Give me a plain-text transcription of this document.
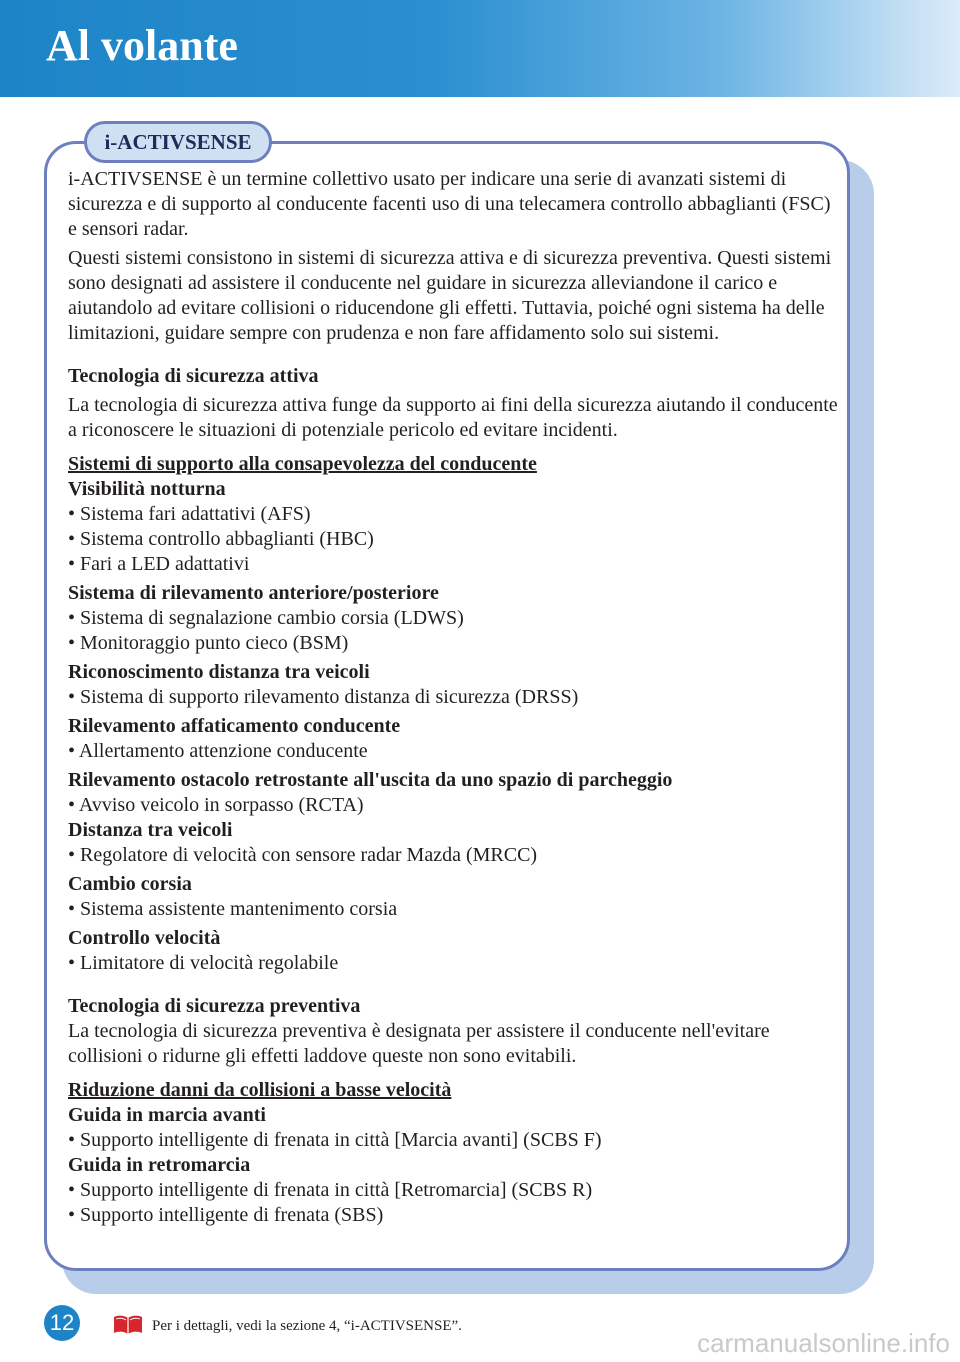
Al volante
i-ACTIVSENSE

i-ACTIVSENSE è un termine collettivo usato per indicare una serie di avanzati sistemi di sicurezza e di supporto al conducente facenti uso di una telecamera controllo abbaglianti (FSC) e sensori radar.

Questi sistemi consistono in sistemi di sicurezza attiva e di sicurezza preventiva. Questi sistemi sono designati ad assistere il conducente nel guidare in sicurezza alleviandone il carico e aiutandolo ad evitare collisioni o riducendone gli effetti. Tuttavia, poiché ogni sistema ha delle limitazioni, guidare sempre con prudenza e non fare affidamento solo sui sistemi.

Tecnologia di sicurezza attiva

La tecnologia di sicurezza attiva funge da supporto ai fini della sicurezza aiutando il conducente a riconoscere le situazioni di potenziale pericolo ed evitare incidenti.

Sistemi di supporto alla consapevolezza del conducente

Visibilità notturna

• Sistema fari adattativi (AFS)

• Sistema controllo abbaglianti (HBC)

• Fari a LED adattativi

Sistema di rilevamento anteriore/posteriore

• Sistema di segnalazione cambio corsia (LDWS)

• Monitoraggio punto cieco (BSM)

Riconoscimento distanza tra veicoli

• Sistema di supporto rilevamento distanza di sicurezza (DRSS)

Rilevamento affaticamento conducente

• Allertamento attenzione conducente

Rilevamento ostacolo retrostante all'uscita da uno spazio di parcheggio

• Avviso veicolo in sorpasso (RCTA)

Distanza tra veicoli

• Regolatore di velocità con sensore radar Mazda (MRCC)

Cambio corsia

• Sistema assistente mantenimento corsia

Controllo velocità

• Limitatore di velocità regolabile

Tecnologia di sicurezza preventiva

La tecnologia di sicurezza preventiva è designata per assistere il conducente nell'evitare collisioni o ridurne gli effetti laddove queste non sono evitabili.

Riduzione danni da collisioni a basse velocità

Guida in marcia avanti

• Supporto intelligente di frenata in città [Marcia avanti] (SCBS F)

Guida in retromarcia

• Supporto intelligente di frenata in città [Retromarcia] (SCBS R)

• Supporto intelligente di frenata (SBS)

12	Per i dettagli, vedi la sezione 4, “i-ACTIVSENSE”.
carmanualsonline.info
